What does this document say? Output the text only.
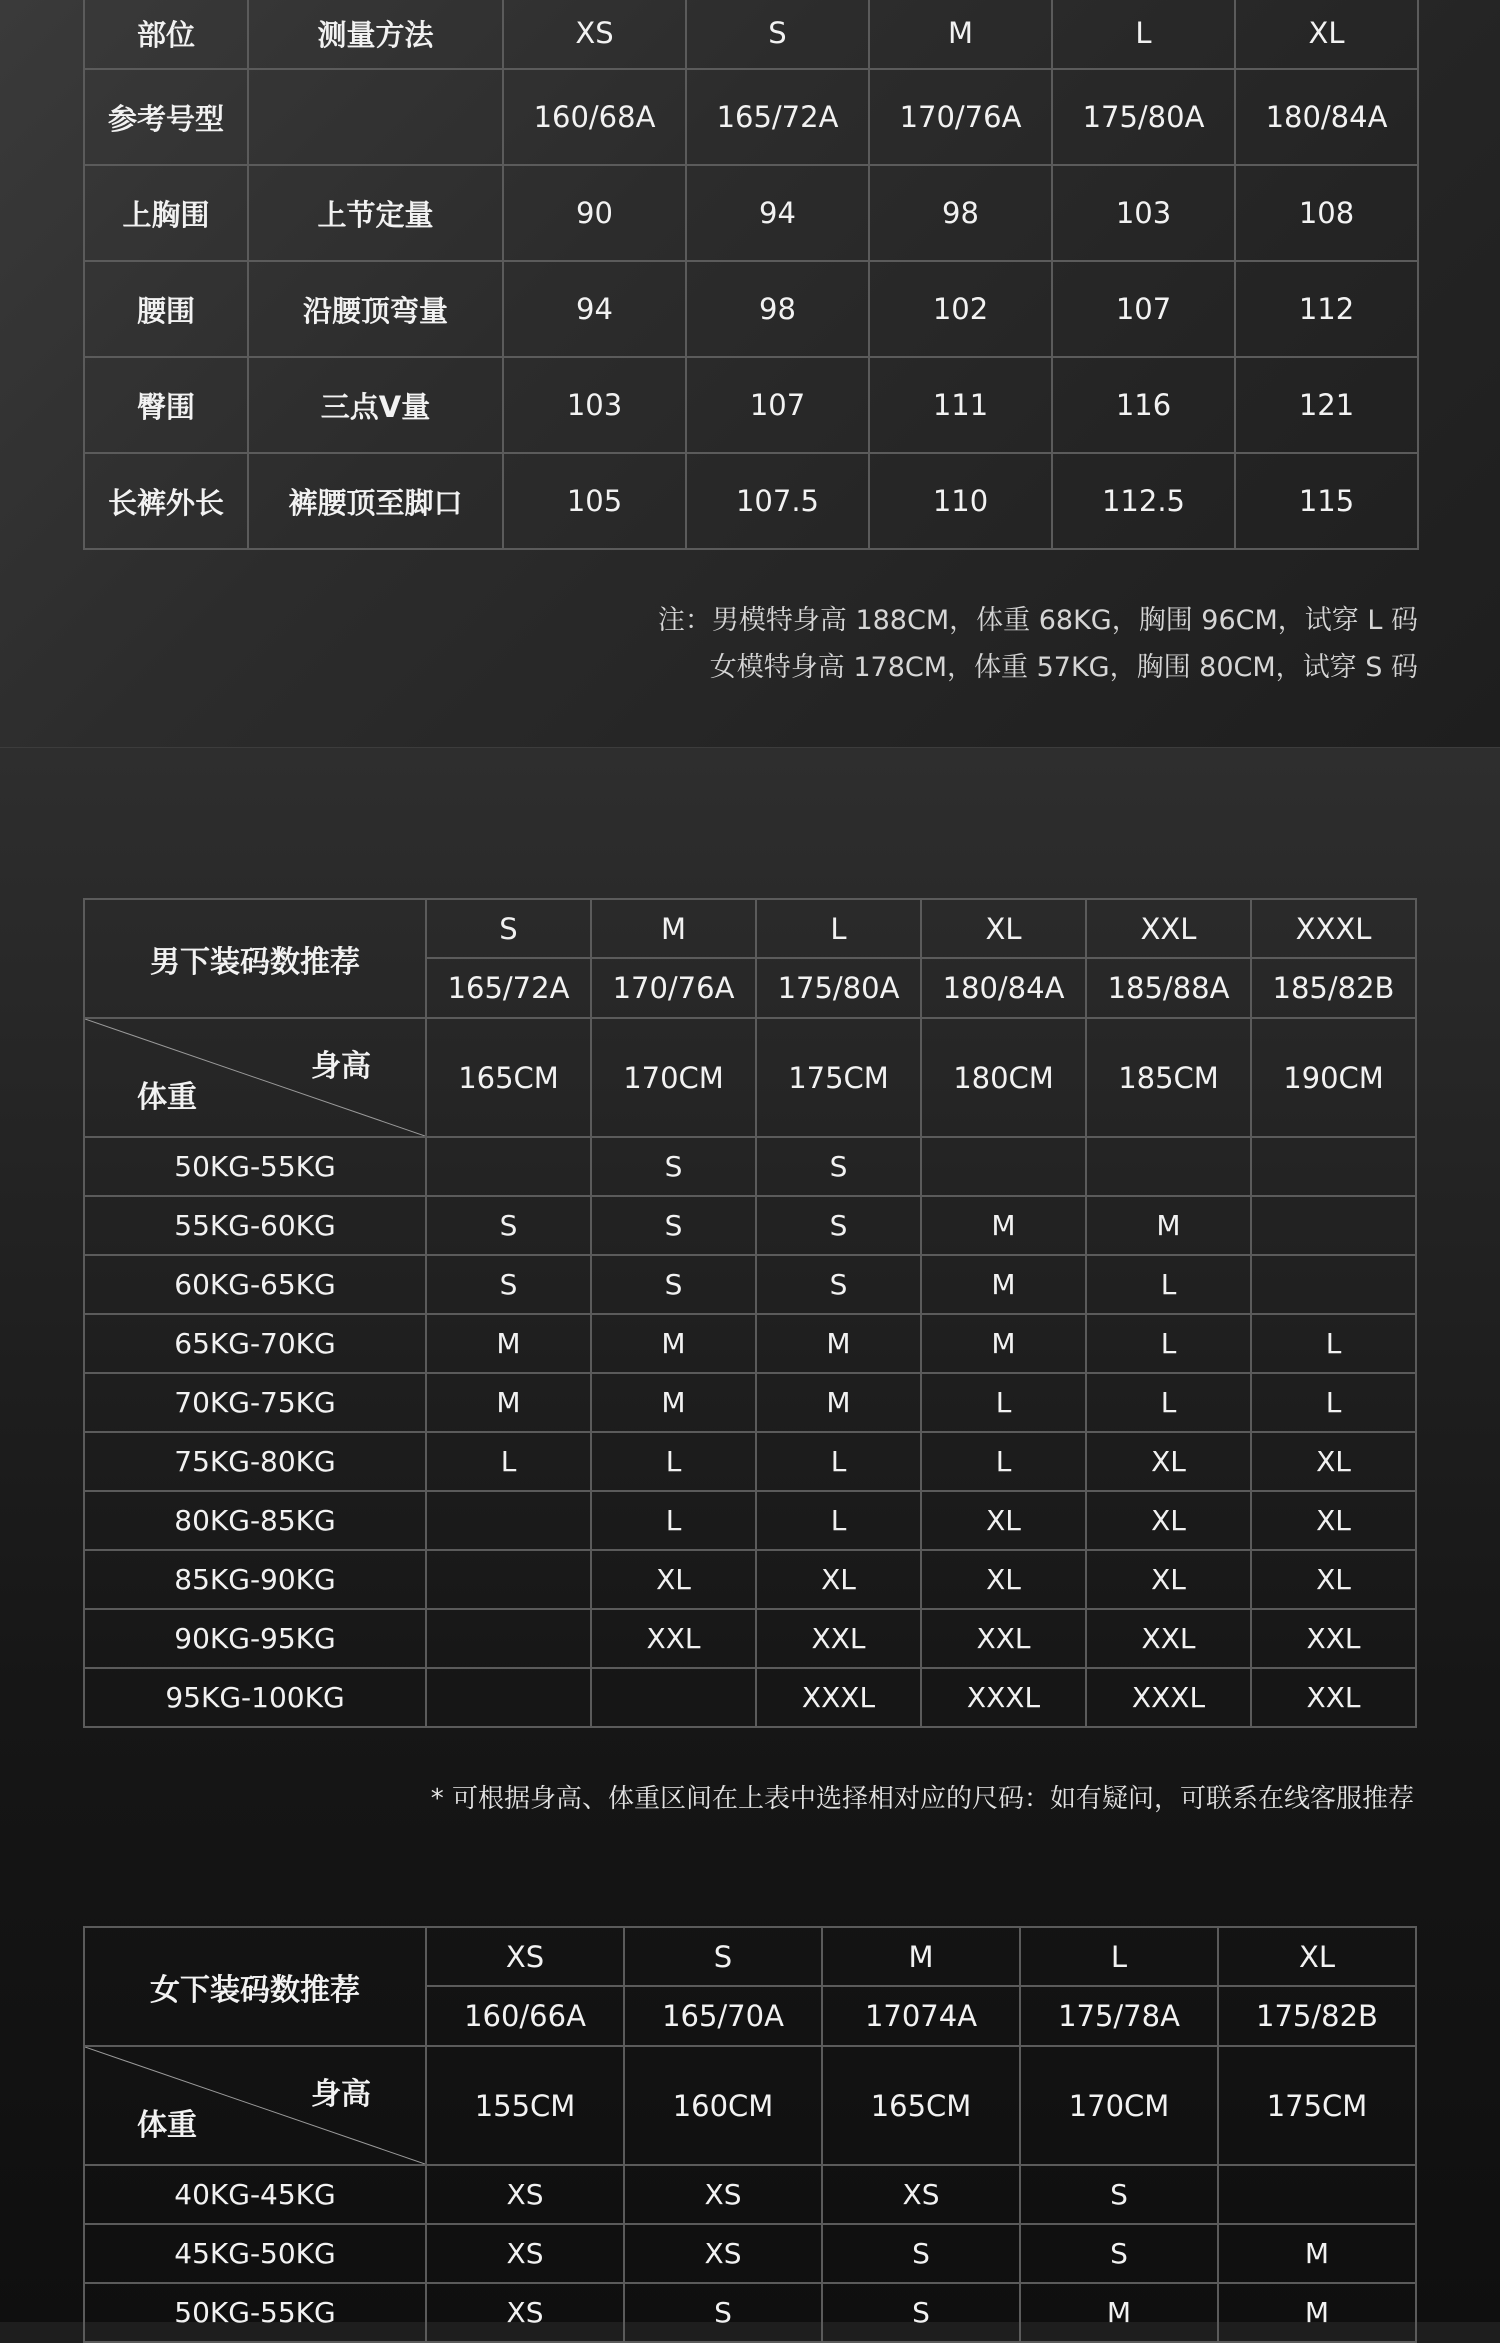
部位	测量方法	XS	S	M	L	XL
参考号型		160/68A	165/72A	170/76A	175/80A	180/84A
上胸围	上节定量	90	94	98	103	108
腰围	沿腰顶弯量	94	98	102	107	112
臀围	三点V量	103	107	111	116	121
长裤外长	裤腰顶至脚口	105	107.5	110	112.5	115
注：男模特身高 188CM，体重 68KG，胸围 96CM，试穿 L 码
女模特身高 178CM，体重 57KG，胸围 80CM，试穿 S 码
男下装码数推荐	S	M	L	XL	XXL	XXXL
	165/72A	170/76A	175/80A	180/84A	185/88A	185/82B

身高
体重	165CM	170CM	175CM	180CM	185CM	190CM
50KG-55KG		S	S			
55KG-60KG	S	S	S	M	M	
60KG-65KG	S	S	S	M	L	
65KG-70KG	M	M	M	M	L	L
70KG-75KG	M	M	M	L	L	L
75KG-80KG	L	L	L	L	XL	XL
80KG-85KG		L	L	XL	XL	XL
85KG-90KG		XL	XL	XL	XL	XL
90KG-95KG		XXL	XXL	XXL	XXL	XXL
95KG-100KG			XXXL	XXXL	XXXL	XXL
* 可根据身高、体重区间在上表中选择相对应的尺码：如有疑问，可联系在线客服推荐
女下装码数推荐	XS	S	M	L	XL
	160/66A	165/70A	17074A	175/78A	175/82B

身高
体重	155CM	160CM	165CM	170CM	175CM
40KG-45KG	XS	XS	XS	S	
45KG-50KG	XS	XS	S	S	M
50KG-55KG	XS	S	S	M	M
